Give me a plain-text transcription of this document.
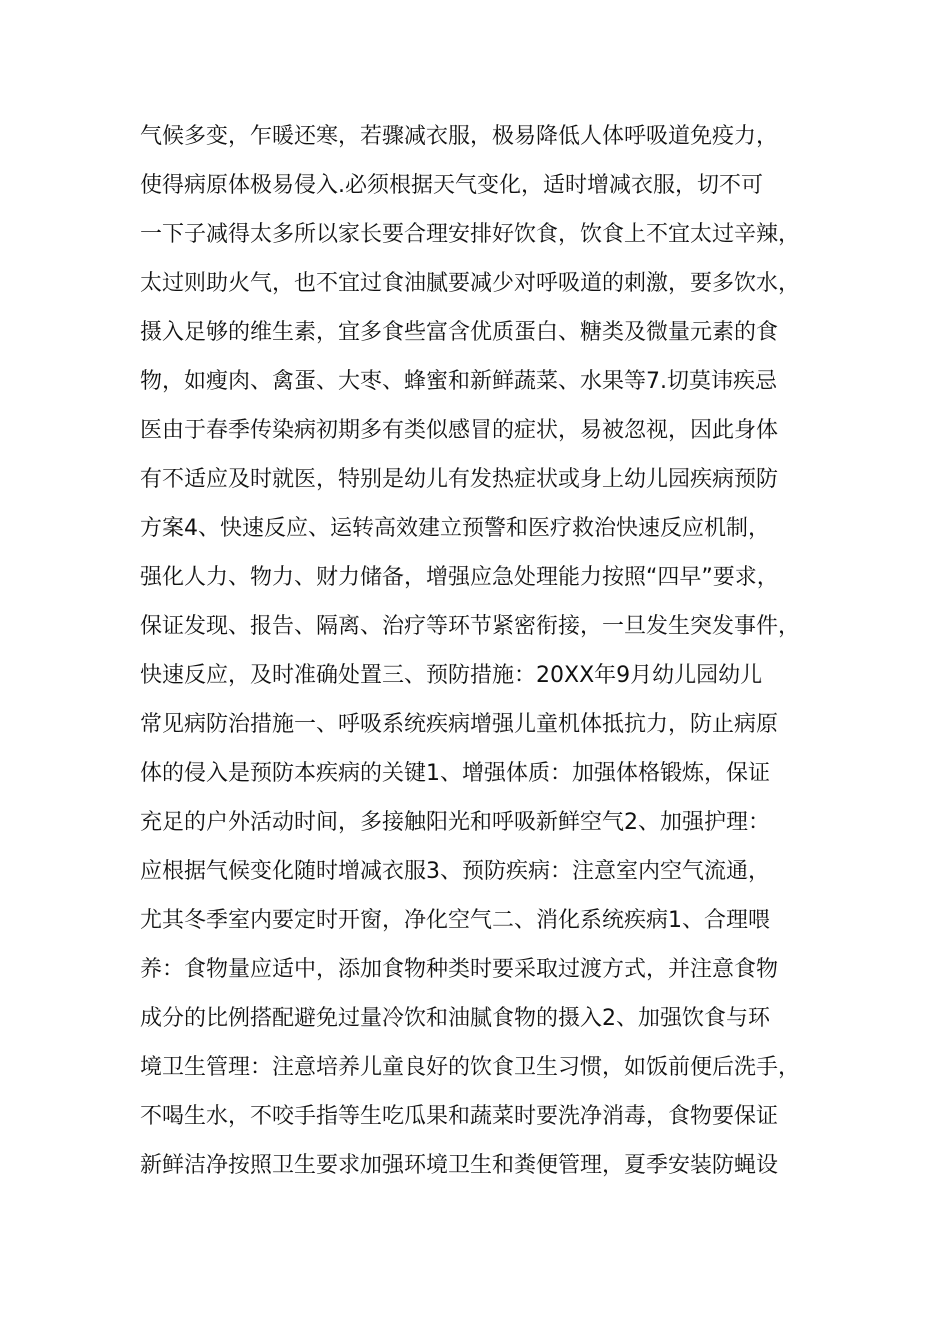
气候多变，乍暖还寒，若骤减衣服，极易降低人体呼吸道免疫力，
使得病原体极易侵入.必须根据天气变化，适时增减衣服，切不可
一下子减得太多所以家长要合理安排好饮食，饮食上不宜太过辛辣，
太过则助火气，也不宜过食油腻要减少对呼吸道的刺激，要多饮水，
摄入足够的维生素，宜多食些富含优质蛋白、糖类及微量元素的食
物，如瘦肉、禽蛋、大枣、蜂蜜和新鲜蔬菜、水果等7.切莫讳疾忌
医由于春季传染病初期多有类似感冒的症状，易被忽视，因此身体
有不适应及时就医，特别是幼儿有发热症状或身上幼儿园疾病预防
方案4、快速反应、运转高效建立预警和医疗救治快速反应机制，
强化人力、物力、财力储备，增强应急处理能力按照“四早”要求，
保证发现、报告、隔离、治疗等环节紧密衔接，一旦发生突发事件，
快速反应，及时准确处置三、预防措施：20XX年9月幼儿园幼儿
常见病防治措施一、呼吸系统疾病增强儿童机体抵抗力，防止病原
体的侵入是预防本疾病的关键1、增强体质：加强体格锻炼，保证
充足的户外活动时间，多接触阳光和呼吸新鲜空气2、加强护理：
应根据气候变化随时增减衣服3、预防疾病：注意室内空气流通，
尤其冬季室内要定时开窗，净化空气二、消化系统疾病1、合理喂
养：食物量应适中，添加食物种类时要采取过渡方式，并注意食物
成分的比例搭配避免过量冷饮和油腻食物的摄入2、加强饮食与环
境卫生管理：注意培养儿童良好的饮食卫生习惯，如饭前便后洗手，
不喝生水，不咬手指等生吃瓜果和蔬菜时要洗净消毒，食物要保证
新鲜洁净按照卫生要求加强环境卫生和粪便管理，夏季安装防蝇设
